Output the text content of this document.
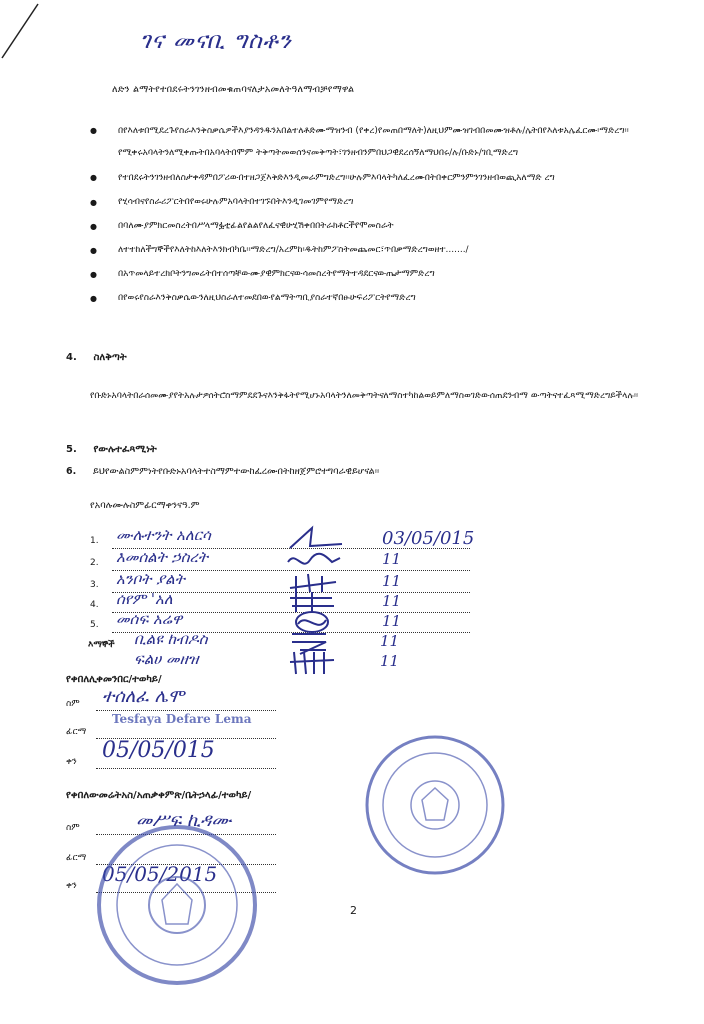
ገና መናቢ ግስቶን
ለድን ልማትየተበደሩትንገንዘብመቁጠባናለታአመለትዓለማብቻየማዋል
● በየእለቱበሚደረጉየስራእንቅስቃሴዎችእያንዳንዱንአበልተለቶድሙማዝንብ (የቀረ)የመጠበማለት)ለዚህምሙዝገብበመሙዝቶሉ/ሌትበየእለቱአሌፈርሙ፡ማድረግ፡፡የሚቀሩአባላትንለሚቀጡትበአባላትበሞም ትቅጣትመወሰንናመቅጣት፣ገንዘብንምበህጋዊደረሰኝለማህበሩ/ሉ/ቡድኑ/ገቢማድረግ
● የተበደሩትንገንዘብለስታቀዳምበፖሪውበተዘጋጀእቅድእንዲመራምግድረግ፡፡ሁሉምእባላትካለፈረሙበትበቀርምንምንገንዘብወጪአለማድ ረግ
● የሂሳብናየስራሪፖርትበየወሩሁሉምአባላትበተገኙበትእንዲገመገምየማድረግ
● በባለሙያምክርመስረትበሥላማፏቲፊልየልልየለፈናዊሁሂሽቀበበትራክቶርችየሞመስራት
● ለተተከለችግኞችየእለትከእለትእንክብካቤ፡፡ማድረግ/አረምከ፡ዱትከምፖስትመጨመር፣ጥበቃማድረግወዘተ......./
● በአጥመላይተረክቦትንግመሬትበተሰጣቸውሙያዊምክርናውሳመስረትየማትተዳደርናውጤታማምድረግ
● በየወሩየስራእንቅስቃሴውንለዚህስራለተመደበውየልማትጣቢያስራተኛበፁሁፍሪፖርትየማድረግ
4. ስለቅጣት
የቡድኑአባላትበራሰመሙያየትአሉታዎሰትሮስማምደደጉናእንቅፋትየሚሆኑአባላትንለመቅጣትናለማስተካከልወይምለማስወገድውሰጠደንብማ ውጣትናተፈጻሚማድረግይችላሉ፡፡
5. የውሉተፈጻሚነት
6. ይህየውልስምምነትየቡድኑአባላትተስማምተውከፈረሙበትከዘጀምሮተግባራዊይሆናል፡፡
የአባሉሙሉስምፊርማቀንናዓ.ም
1. ሙሉተንት አለርሳ	03/05/015
2. እመሰልት ኃስረት	11
3. አንቦት ያልት	11
4. ሰየም 'አለ	11
5. መሰፍ አሬዋ	11
እማኞች ቢልዩ ከብዶስ	11
ፍልሀ መዘዝ	11
የቀበለሊቀመንበር/ተወካይ/
ስም ተሰለፈ ሌሞ
Tesfaya Defare Lema
ፊርማ
ቀን 05/05/015
የቀበለውመሬትአስ/አጠቃቀምጽ/ቤትኃላፊ/ተወካይ/
ስም	መሥፍ ኪዳሙ
ፊርማ
ቀን 05/05/2015
2
